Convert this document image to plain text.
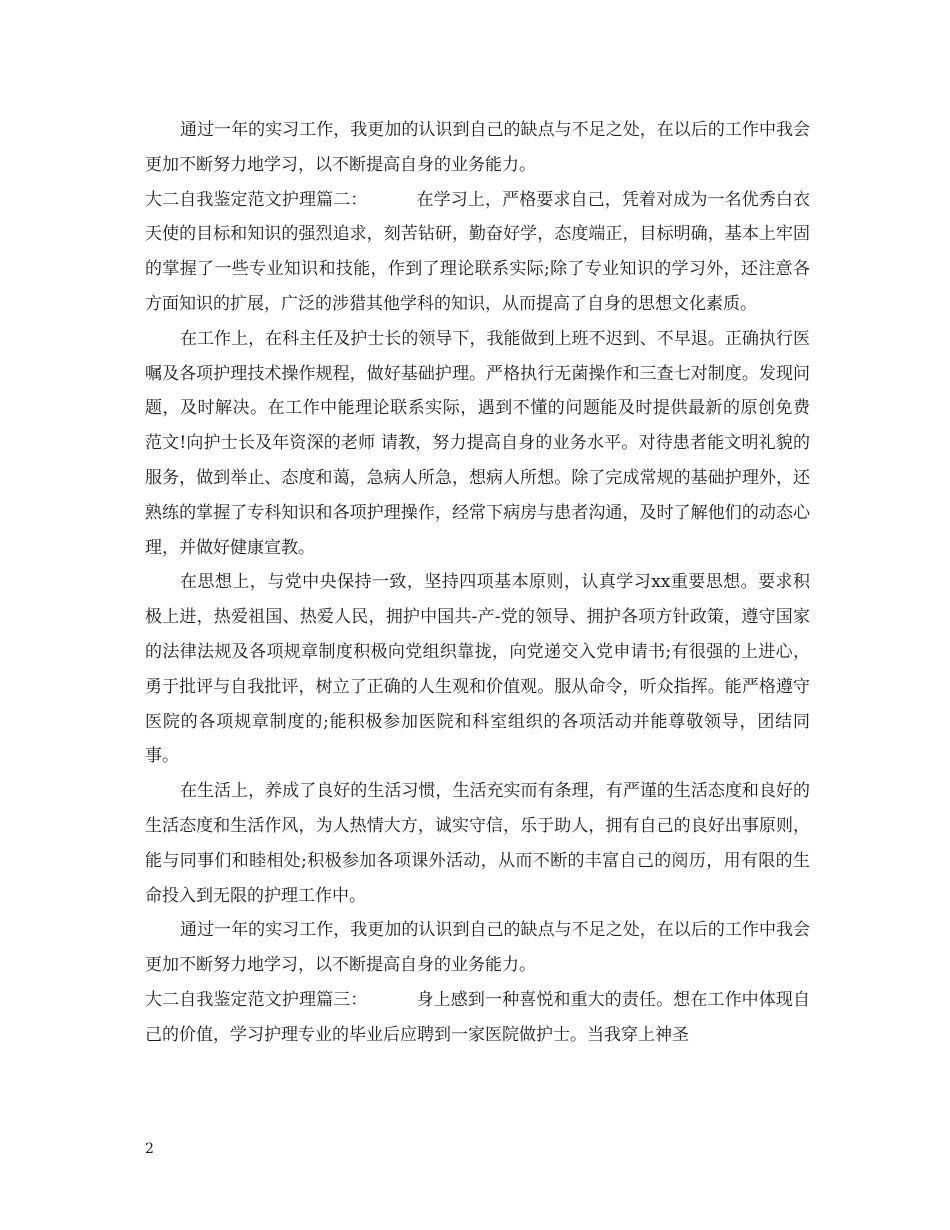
通过一年的实习工作，我更加的认识到自己的缺点与不足之处，在以后的工作中我会更加不断努力地学习，以不断提高自身的业务能力。

大二自我鉴定范文护理篇二：	在学习上，严格要求自己，凭着对成为一名优秀白衣天使的目标和知识的强烈追求，刻苦钻研，勤奋好学，态度端正，目标明确，基本上牢固的掌握了一些专业知识和技能，作到了理论联系实际;除了专业知识的学习外，还注意各方面知识的扩展，广泛的涉猎其他学科的知识，从而提高了自身的思想文化素质。

在工作上，在科主任及护士长的领导下，我能做到上班不迟到、不早退。正确执行医嘱及各项护理技术操作规程，做好基础护理。严格执行无菌操作和三查七对制度。发现问题，及时解决。在工作中能理论联系实际，遇到不懂的问题能及时提供最新的原创免费 范文!向护士长及年资深的老师 请教，努力提高自身的业务水平。对待患者能文明礼貌的服务，做到举止、态度和蔼，急病人所急，想病人所想。除了完成常规的基础护理外，还熟练的掌握了专科知识和各项护理操作，经常下病房与患者沟通，及时了解他们的动态心理，并做好健康宣教。

在思想上，与党中央保持一致，坚持四项基本原则，认真学习xx重要思想。要求积极上进，热爱祖国、热爱人民，拥护中国共-产-党的领导、拥护各项方针政策，遵守国家的法律法规及各项规章制度积极向党组织靠拢，向党递交入党申请书;有很强的上进心，勇于批评与自我批评，树立了正确的人生观和价值观。服从命令，听众指挥。能严格遵守医院的各项规章制度的;能积极参加医院和科室组织的各项活动并能尊敬领导，团结同事。

在生活上，养成了良好的生活习惯，生活充实而有条理，有严谨的生活态度和良好的生活态度和生活作风，为人热情大方，诚实守信，乐于助人，拥有自己的良好出事原则，能与同事们和睦相处;积极参加各项课外活动，从而不断的丰富自己的阅历，用有限的生命投入到无限的护理工作中。

通过一年的实习工作，我更加的认识到自己的缺点与不足之处，在以后的工作中我会更加不断努力地学习，以不断提高自身的业务能力。

大二自我鉴定范文护理篇三：	身上感到一种喜悦和重大的责任。想在工作中体现自己的价值，学习护理专业的毕业后应聘到一家医院做护士。当我穿上神圣

2
